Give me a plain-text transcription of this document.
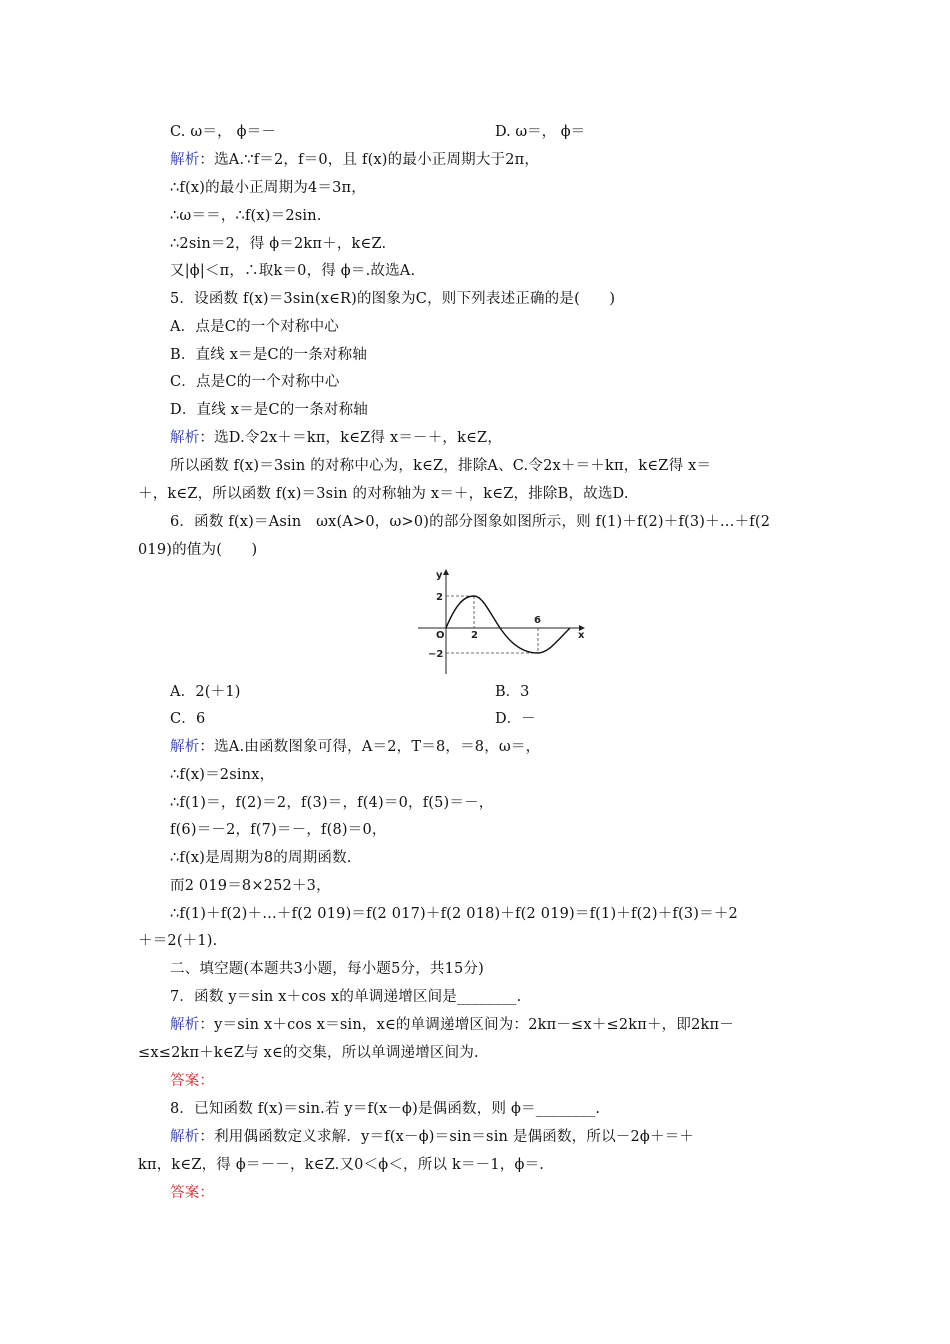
C. ω＝， ϕ＝－	D. ω＝， ϕ＝
解析：选A.∵f＝2，f＝0，且 f(x)的最小正周期大于2π，
∴f(x)的最小正周期为4＝3π，
∴ω＝＝，∴f(x)＝2sin.
∴2sin＝2，得 ϕ＝2kπ＋，k∈Z.
又|ϕ|＜π，∴取k＝0，得 ϕ＝.故选A.
5．设函数 f(x)＝3sin(x∈R)的图象为C，则下列表述正确的是(　　)
A．点是C的一个对称中心
B．直线 x＝是C的一条对称轴
C．点是C的一个对称中心
D．直线 x＝是C的一条对称轴
解析：选D.令2x＋＝kπ，k∈Z得 x＝－＋，k∈Z，
所以函数 f(x)＝3sin 的对称中心为，k∈Z，排除A、C.令2x＋＝＋kπ，k∈Z得 x＝
＋，k∈Z，所以函数 f(x)＝3sin 的对称轴为 x＝＋，k∈Z，排除B，故选D.
6．函数 f(x)＝Asin　ωx(A>0，ω>0)的部分图象如图所示，则 f(1)＋f(2)＋f(3)＋…＋f(2
019)的值为(　　)
y
x
O
2
−2
2
6
A．2(＋1)	B．3
C．6	D．－
解析：选A.由函数图象可得，A＝2，T＝8，＝8，ω＝，
∴f(x)＝2sinx，
∴f(1)＝，f(2)＝2，f(3)＝，f(4)＝0，f(5)＝－，
f(6)＝－2，f(7)＝－，f(8)＝0，
∴f(x)是周期为8的周期函数.
而2 019＝8×252＋3，
∴f(1)＋f(2)＋…＋f(2 019)＝f(2 017)＋f(2 018)＋f(2 019)＝f(1)＋f(2)＋f(3)＝＋2
＋＝2(＋1).
二、填空题(本题共3小题，每小题5分，共15分)
7．函数 y＝sin x＋cos x的单调递增区间是________.
解析：y＝sin x＋cos x＝sin，x∈的单调递增区间为：2kπ－≤x＋≤2kπ＋，即2kπ－
≤x≤2kπ＋k∈Z与 x∈的交集，所以单调递增区间为.
答案：
8．已知函数 f(x)＝sin.若 y＝f(x－ϕ)是偶函数，则 ϕ＝________.
解析：利用偶函数定义求解．y＝f(x－ϕ)＝sin＝sin 是偶函数，所以－2ϕ＋＝＋
kπ，k∈Z，得 ϕ＝－－，k∈Z.又0＜ϕ＜，所以 k＝－1，ϕ＝.
答案：
